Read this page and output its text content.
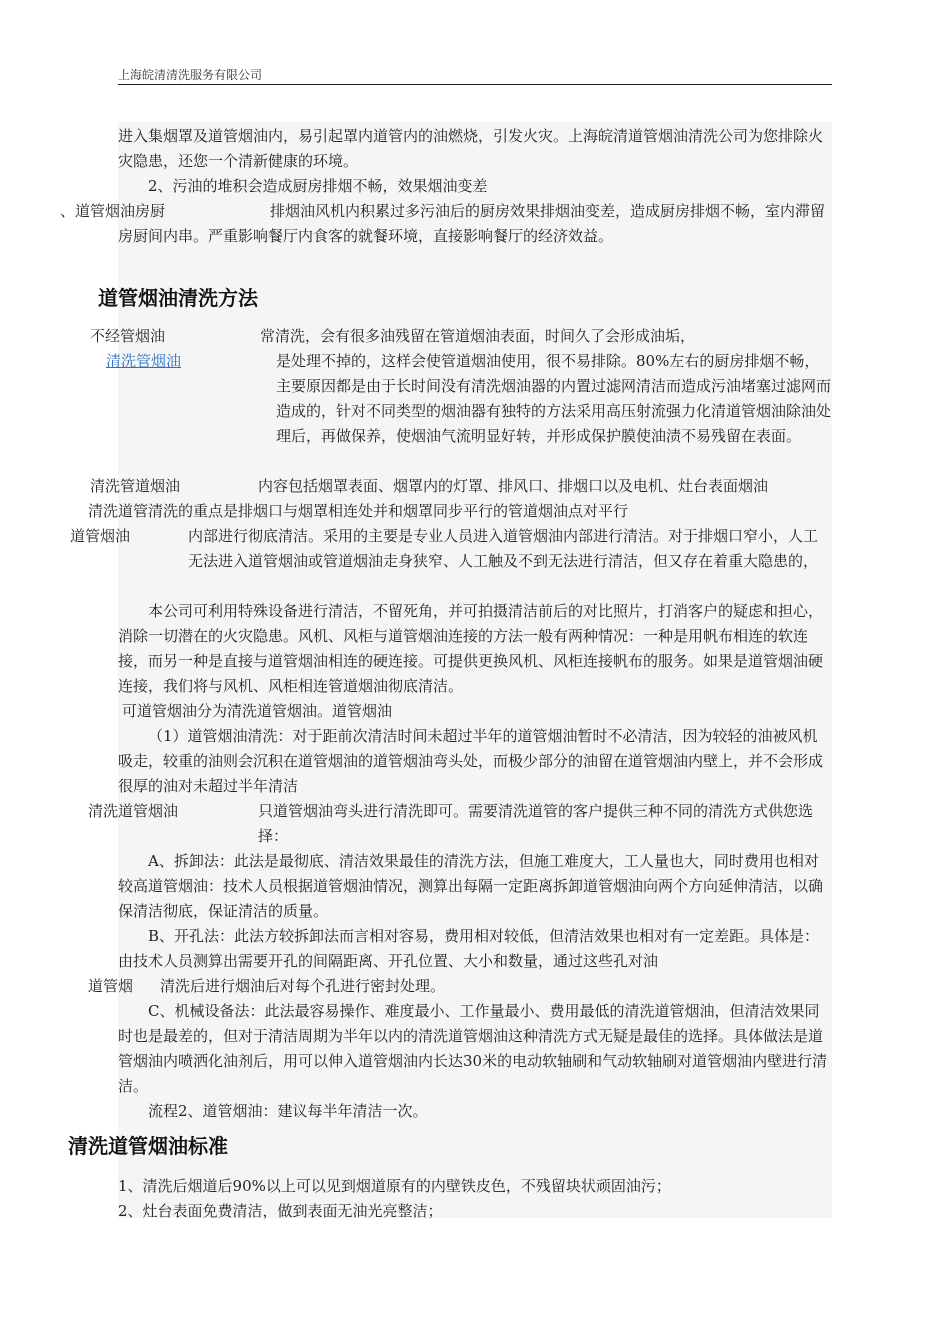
上海皖清清洗服务有限公司

进入集烟罩及道管烟油内，易引起罩内道管内的油燃烧，引发火灾。上海皖清道管烟油清洗公司为您排除火灾隐患，还您一个清新健康的环境。

2、污油的堆积会造成厨房排烟不畅，效果烟油变差

、道管烟油房厨	排烟油风机内积累过多污油后的厨房效果排烟油变差，造成厨房排烟不畅，室内滞留

房厨间内串。严重影响餐厅内食客的就餐环境，直接影响餐厅的经济效益。

道管烟油清洗方法
不经管烟油	常清洗，会有很多油残留在管道烟油表面，时间久了会形成油垢，

清洗管烟油	是处理不掉的，这样会使管道烟油使用，很不易排除。80%左右的厨房排烟不畅，主要原因都是由于长时间没有清洗烟油器的内置过滤网清洁而造成污油堵塞过滤网而造成的，针对不同类型的烟油器有独特的方法采用高压射流强力化清道管烟油除油处理后，再做保养，使烟油气流明显好转，并形成保护膜使油渍不易残留在表面。

清洗管道烟油	内容包括烟罩表面、烟罩内的灯罩、排风口、排烟口以及电机、灶台表面烟油

清洗道管清洗的重点是排烟口与烟罩相连处并和烟罩同步平行的管道烟油点对平行

道管烟油	内部进行彻底清洁。采用的主要是专业人员进入道管烟油内部进行清洁。对于排烟口窄小，人工无法进入道管烟油或管道烟油走身狭窄、人工触及不到无法进行清洁，但又存在着重大隐患的，

本公司可利用特殊设备进行清洁，不留死角，并可拍摄清洁前后的对比照片，打消客户的疑虑和担心，消除一切潜在的火灾隐患。风机、风柜与道管烟油连接的方法一般有两种情况：一种是用帆布相连的软连接，而另一种是直接与道管烟油相连的硬连接。可提供更换风机、风柜连接帆布的服务。如果是道管烟油硬连接，我们将与风机、风柜相连管道烟油彻底清洁。

可道管烟油分为清洗道管烟油。道管烟油

（1）道管烟油清洗：对于距前次清洁时间未超过半年的道管烟油暂时不必清洁，因为较轻的油被风机吸走，较重的油则会沉积在道管烟油的道管烟油弯头处，而极少部分的油留在道管烟油内壁上，并不会形成很厚的油对未超过半年清洁

清洗道管烟油	只道管烟油弯头进行清洗即可。需要清洗道管的客户提供三种不同的清洗方式供您选择：

A、拆卸法：此法是最彻底、清洁效果最佳的清洗方法，但施工难度大，工人量也大，同时费用也相对较高道管烟油：技术人员根据道管烟油情况，测算出每隔一定距离拆卸道管烟油向两个方向延伸清洁，以确保清洁彻底，保证清洁的质量。

B、开孔法：此法方较拆卸法而言相对容易，费用相对较低，但清洁效果也相对有一定差距。具体是：由技术人员测算出需要开孔的间隔距离、开孔位置、大小和数量，通过这些孔对油

道管烟 清洗后进行烟油后对每个孔进行密封处理。

C、机械设备法：此法最容易操作、难度最小、工作量最小、费用最低的清洗道管烟油，但清洁效果同时也是最差的，但对于清洁周期为半年以内的清洗道管烟油这种清洗方式无疑是最佳的选择。具体做法是道管烟油内喷洒化油剂后，用可以伸入道管烟油内长达30米的电动软轴刷和气动软轴刷对道管烟油内壁进行清洁。

流程2、道管烟油：建议每半年清洁一次。

清洗道管烟油标准

1、清洗后烟道后90%以上可以见到烟道原有的内壁铁皮色，不残留块状顽固油污；

2、灶台表面免费清洁，做到表面无油光亮整洁；
